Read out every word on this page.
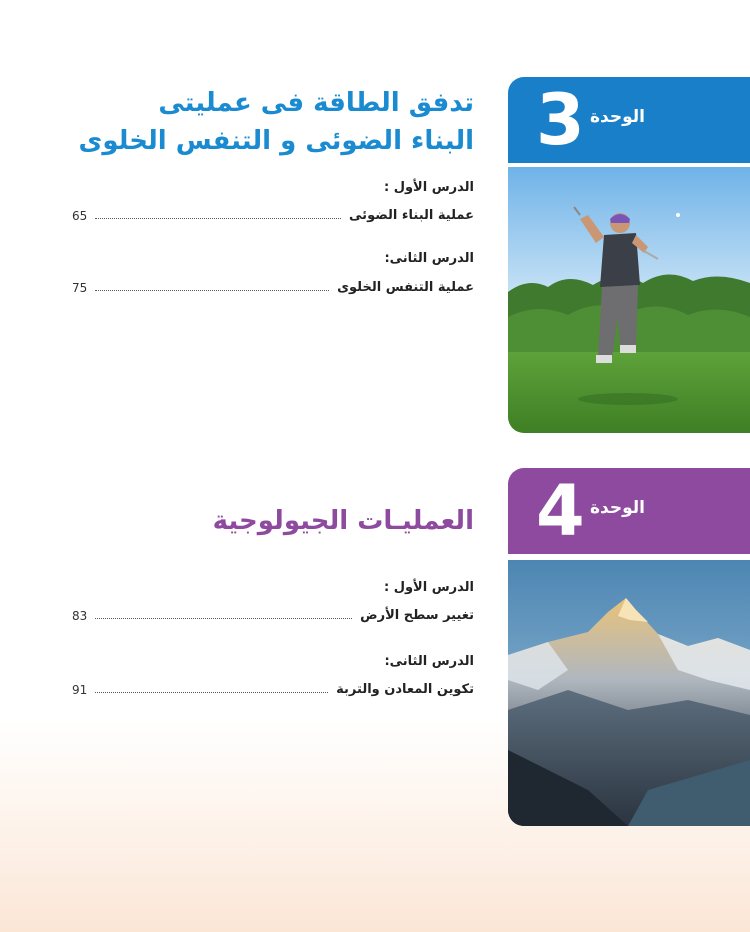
3 الوحدة
تدفق الطاقة فى عمليتى
البناء الضوئى و التنفس الخلوى
الدرس الأول :
عملية البناء الضوئى
65
الدرس الثانى:
عملية التنفس الخلوى
75
4 الوحدة
العمليـات الجيولوجية
الدرس الأول :
تغيير سطح الأرض
83
الدرس الثانى:
تكوين المعادن والتربة
91
